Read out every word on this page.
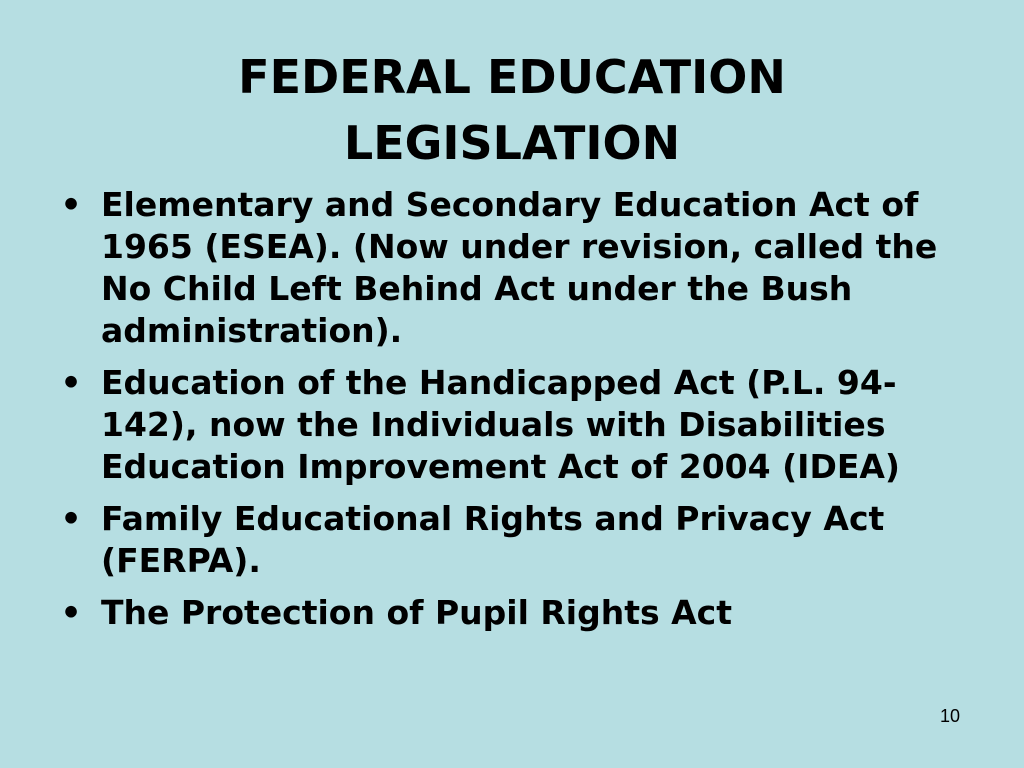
FEDERAL EDUCATION
LEGISLATION
• Elementary and Secondary Education Act of 1965 (ESEA). (Now under revision, called the No Child Left Behind Act under the Bush administration).
• Education of the Handicapped Act (P.L. 94-142), now the Individuals with Disabilities Education Improvement Act of 2004 (IDEA)
• Family Educational Rights and Privacy Act (FERPA).
• The Protection of Pupil Rights Act
10
